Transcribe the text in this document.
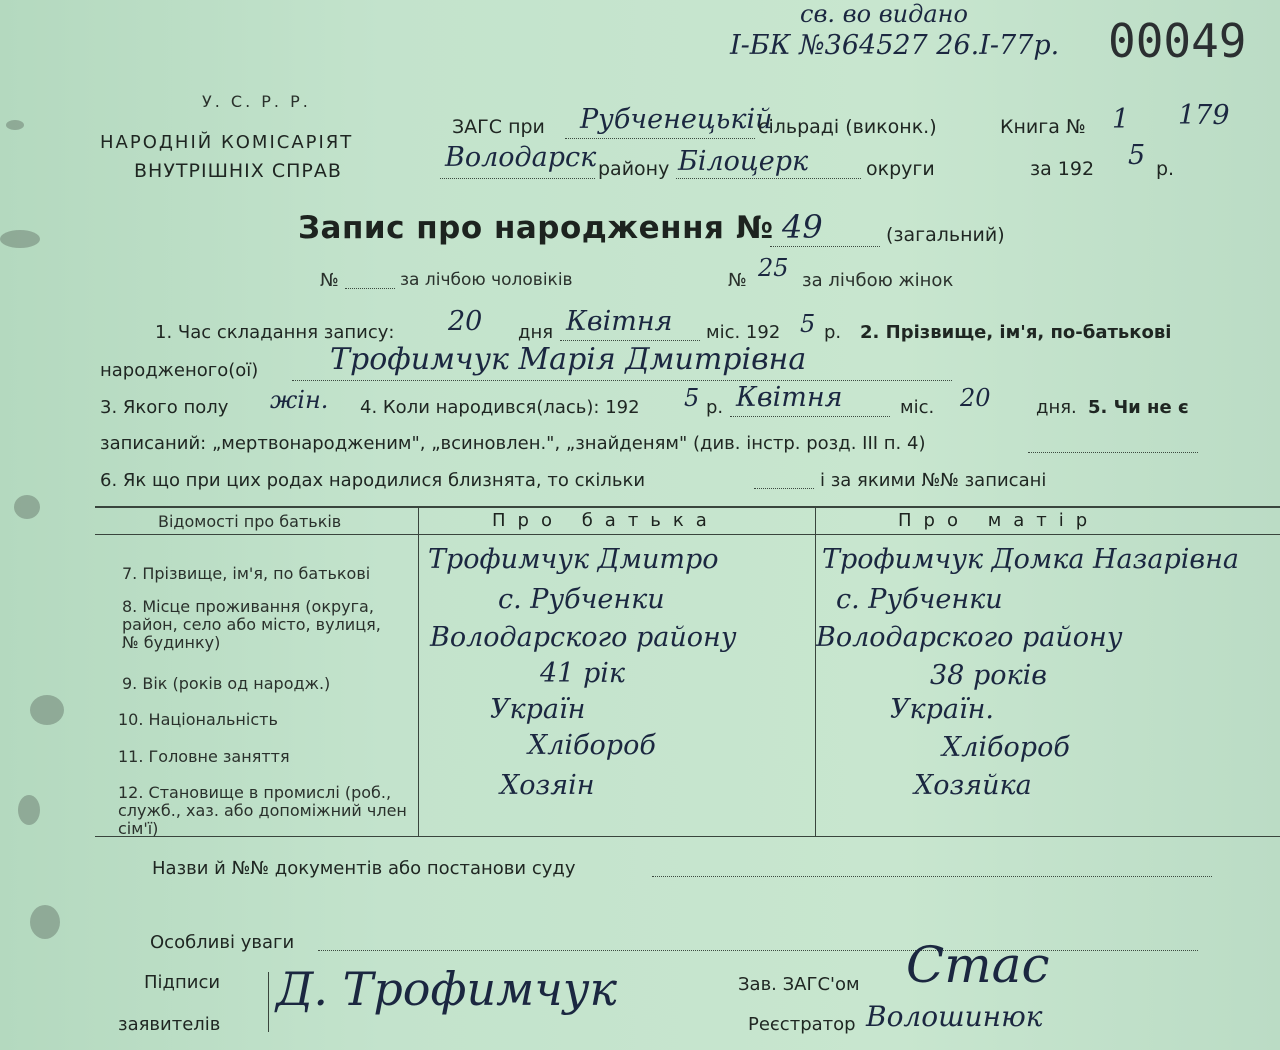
св. во видано
І-БК №364527 26.І-77р. 00049
У. С. Р. Р.
НАРОДНІЙ КОМІСАРІЯТ
ВНУТРІШНІХ СПРАВ
ЗАГС при Рубченецькій
сільраді (виконк.)	Книга № 1 179
Володарск району Білоцерк	округи	за 192 5 р.
Запис про народження № 49	(загальний)
№	за лічбою чоловіків	№ 25 за лічбою жінок
1. Час складання запису: 20 дня Квітня міс. 192 5 р. 2. Прізвище, ім'я, по-батькові
народженого(ої) Трофимчук Марія Дмитрівна
3. Якого полу жін. 4. Коли народився(лась): 192 5 р. Квітня	міс. 20	дня. 5. Чи не є
записаний: „мертвонародженим", „всиновлен.", „знайденям" (див. інстр. розд. III п. 4)
6. Як що при цих родах народилися близнята, то скільки	і за якими №№ записані
Відомості про батьків	Про батька	Про матір
7. Прізвище, ім'я, по батькові Трофимчук Дмитро	Трофимчук Домка Назарівна
8. Місце проживання (округа, район, село або місто, вулиця, № будинку)
с. Рубченки	с. Рубченки
Володарского району	Володарского району
9. Вік (років од народж.)	41 рік	38 років
10. Національність	Україн	Україн.
11. Головне заняття	Хлібороб	Хлібороб
12. Становище в промислі (роб., служб., хаз. або допоміжний член сім'ї)
Хозяін	Хозяйка
Назви й №№ документів або постанови суду
Особливі уваги
Підписи
заявителів
Д. Трофимчук	Зав. ЗАГС'ом Стас
Реєстратор Волошинюк
